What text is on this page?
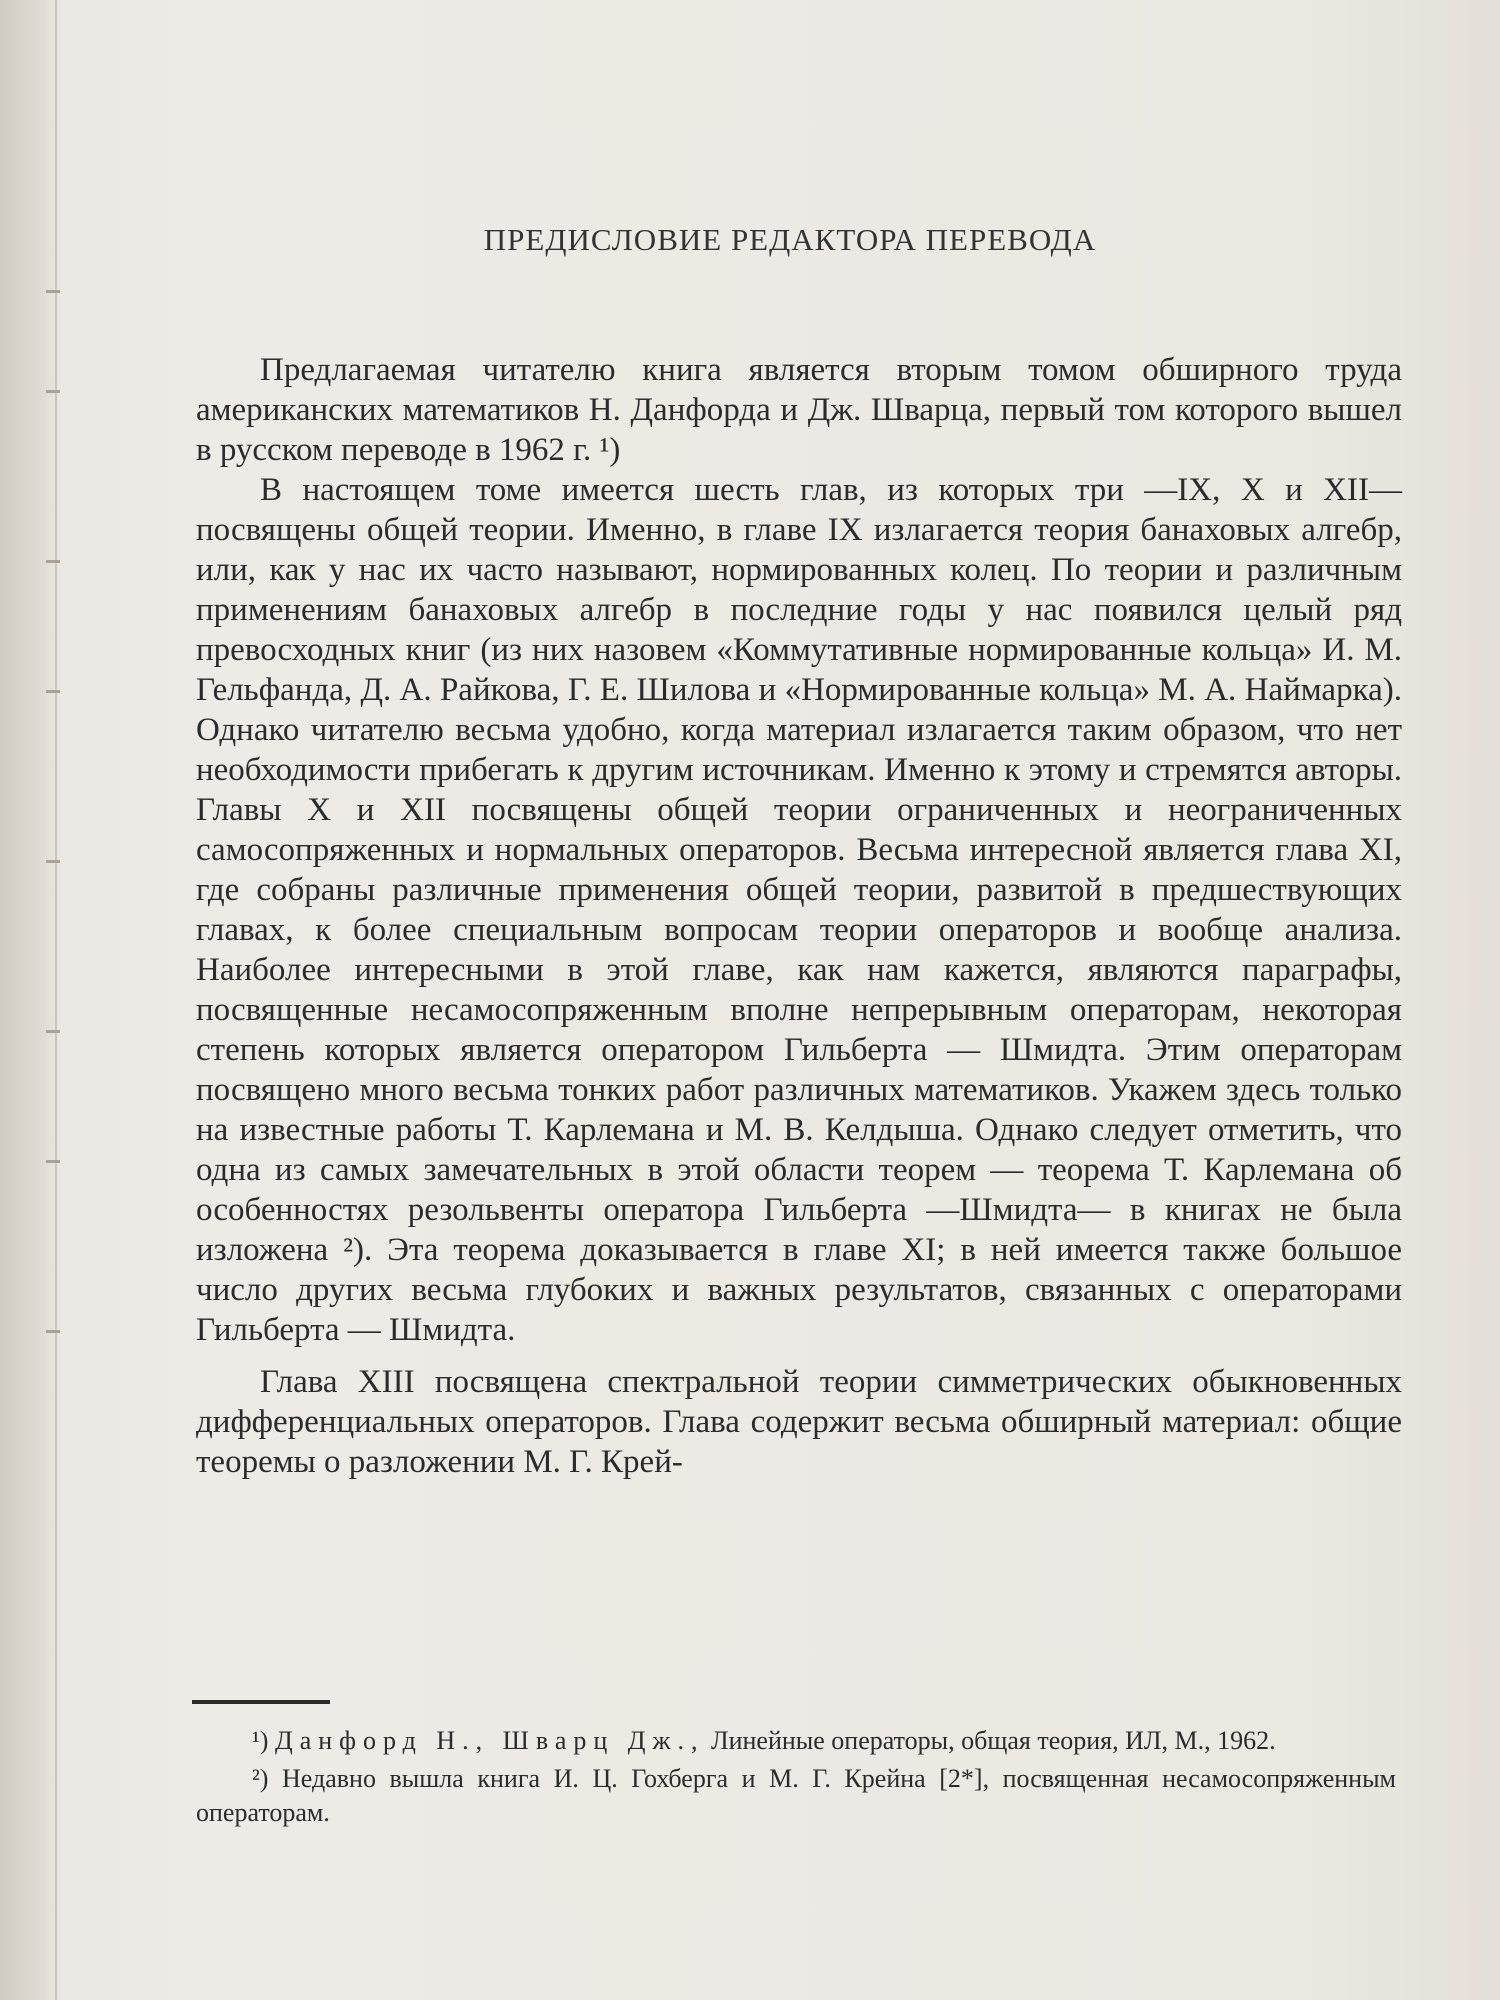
ПРЕДИСЛОВИЕ РЕДАКТОРА ПЕРЕВОДА

Предлагаемая читателю книга является вторым томом обширного труда американских математиков Н. Данфорда и Дж. Шварца, первый том которого вышел в русском переводе в 1962 г. ¹)

В настоящем томе имеется шесть глав, из которых три —IX, X и XII— посвящены общей теории. Именно, в главе IX излагается теория банаховых алгебр, или, как у нас их часто называют, нормированных колец. По теории и различным применениям банаховых алгебр в последние годы у нас появился целый ряд превосходных книг (из них назовем «Коммутативные нормированные кольца» И. М. Гельфанда, Д. А. Райкова, Г. Е. Шилова и «Нормированные кольца» М. А. Наймарка). Однако читателю весьма удобно, когда материал излагается таким образом, что нет необходимости прибегать к другим источникам. Именно к этому и стремятся авторы. Главы X и XII посвящены общей теории ограниченных и неограниченных самосопряженных и нормальных операторов. Весьма интересной является глава XI, где собраны различные применения общей теории, развитой в предшествующих главах, к более специальным вопросам теории операторов и вообще анализа. Наиболее интересными в этой главе, как нам кажется, являются параграфы, посвященные несамосопряженным вполне непрерывным операторам, некоторая степень которых является оператором Гильберта — Шмидта. Этим операторам посвящено много весьма тонких работ различных математиков. Укажем здесь только на известные работы Т. Карлемана и М. В. Келдыша. Однако следует отметить, что одна из самых замечательных в этой области теорем — теорема Т. Карлемана об особенностях резольвенты оператора Гильберта —Шмидта— в книгах не была изложена ²). Эта теорема доказывается в главе XI; в ней имеется также большое число других весьма глубоких и важных результатов, связанных с операторами Гильберта — Шмидта.

Глава XIII посвящена спектральной теории симметрических обыкновенных дифференциальных операторов. Глава содержит весьма обширный материал: общие теоремы о разложении М. Г. Крей-

¹) Данфорд Н., Шварц Дж., Линейные операторы, общая теория, ИЛ, М., 1962.

²) Недавно вышла книга И. Ц. Гохберга и М. Г. Крейна [2*], посвященная несамосопряженным операторам.
